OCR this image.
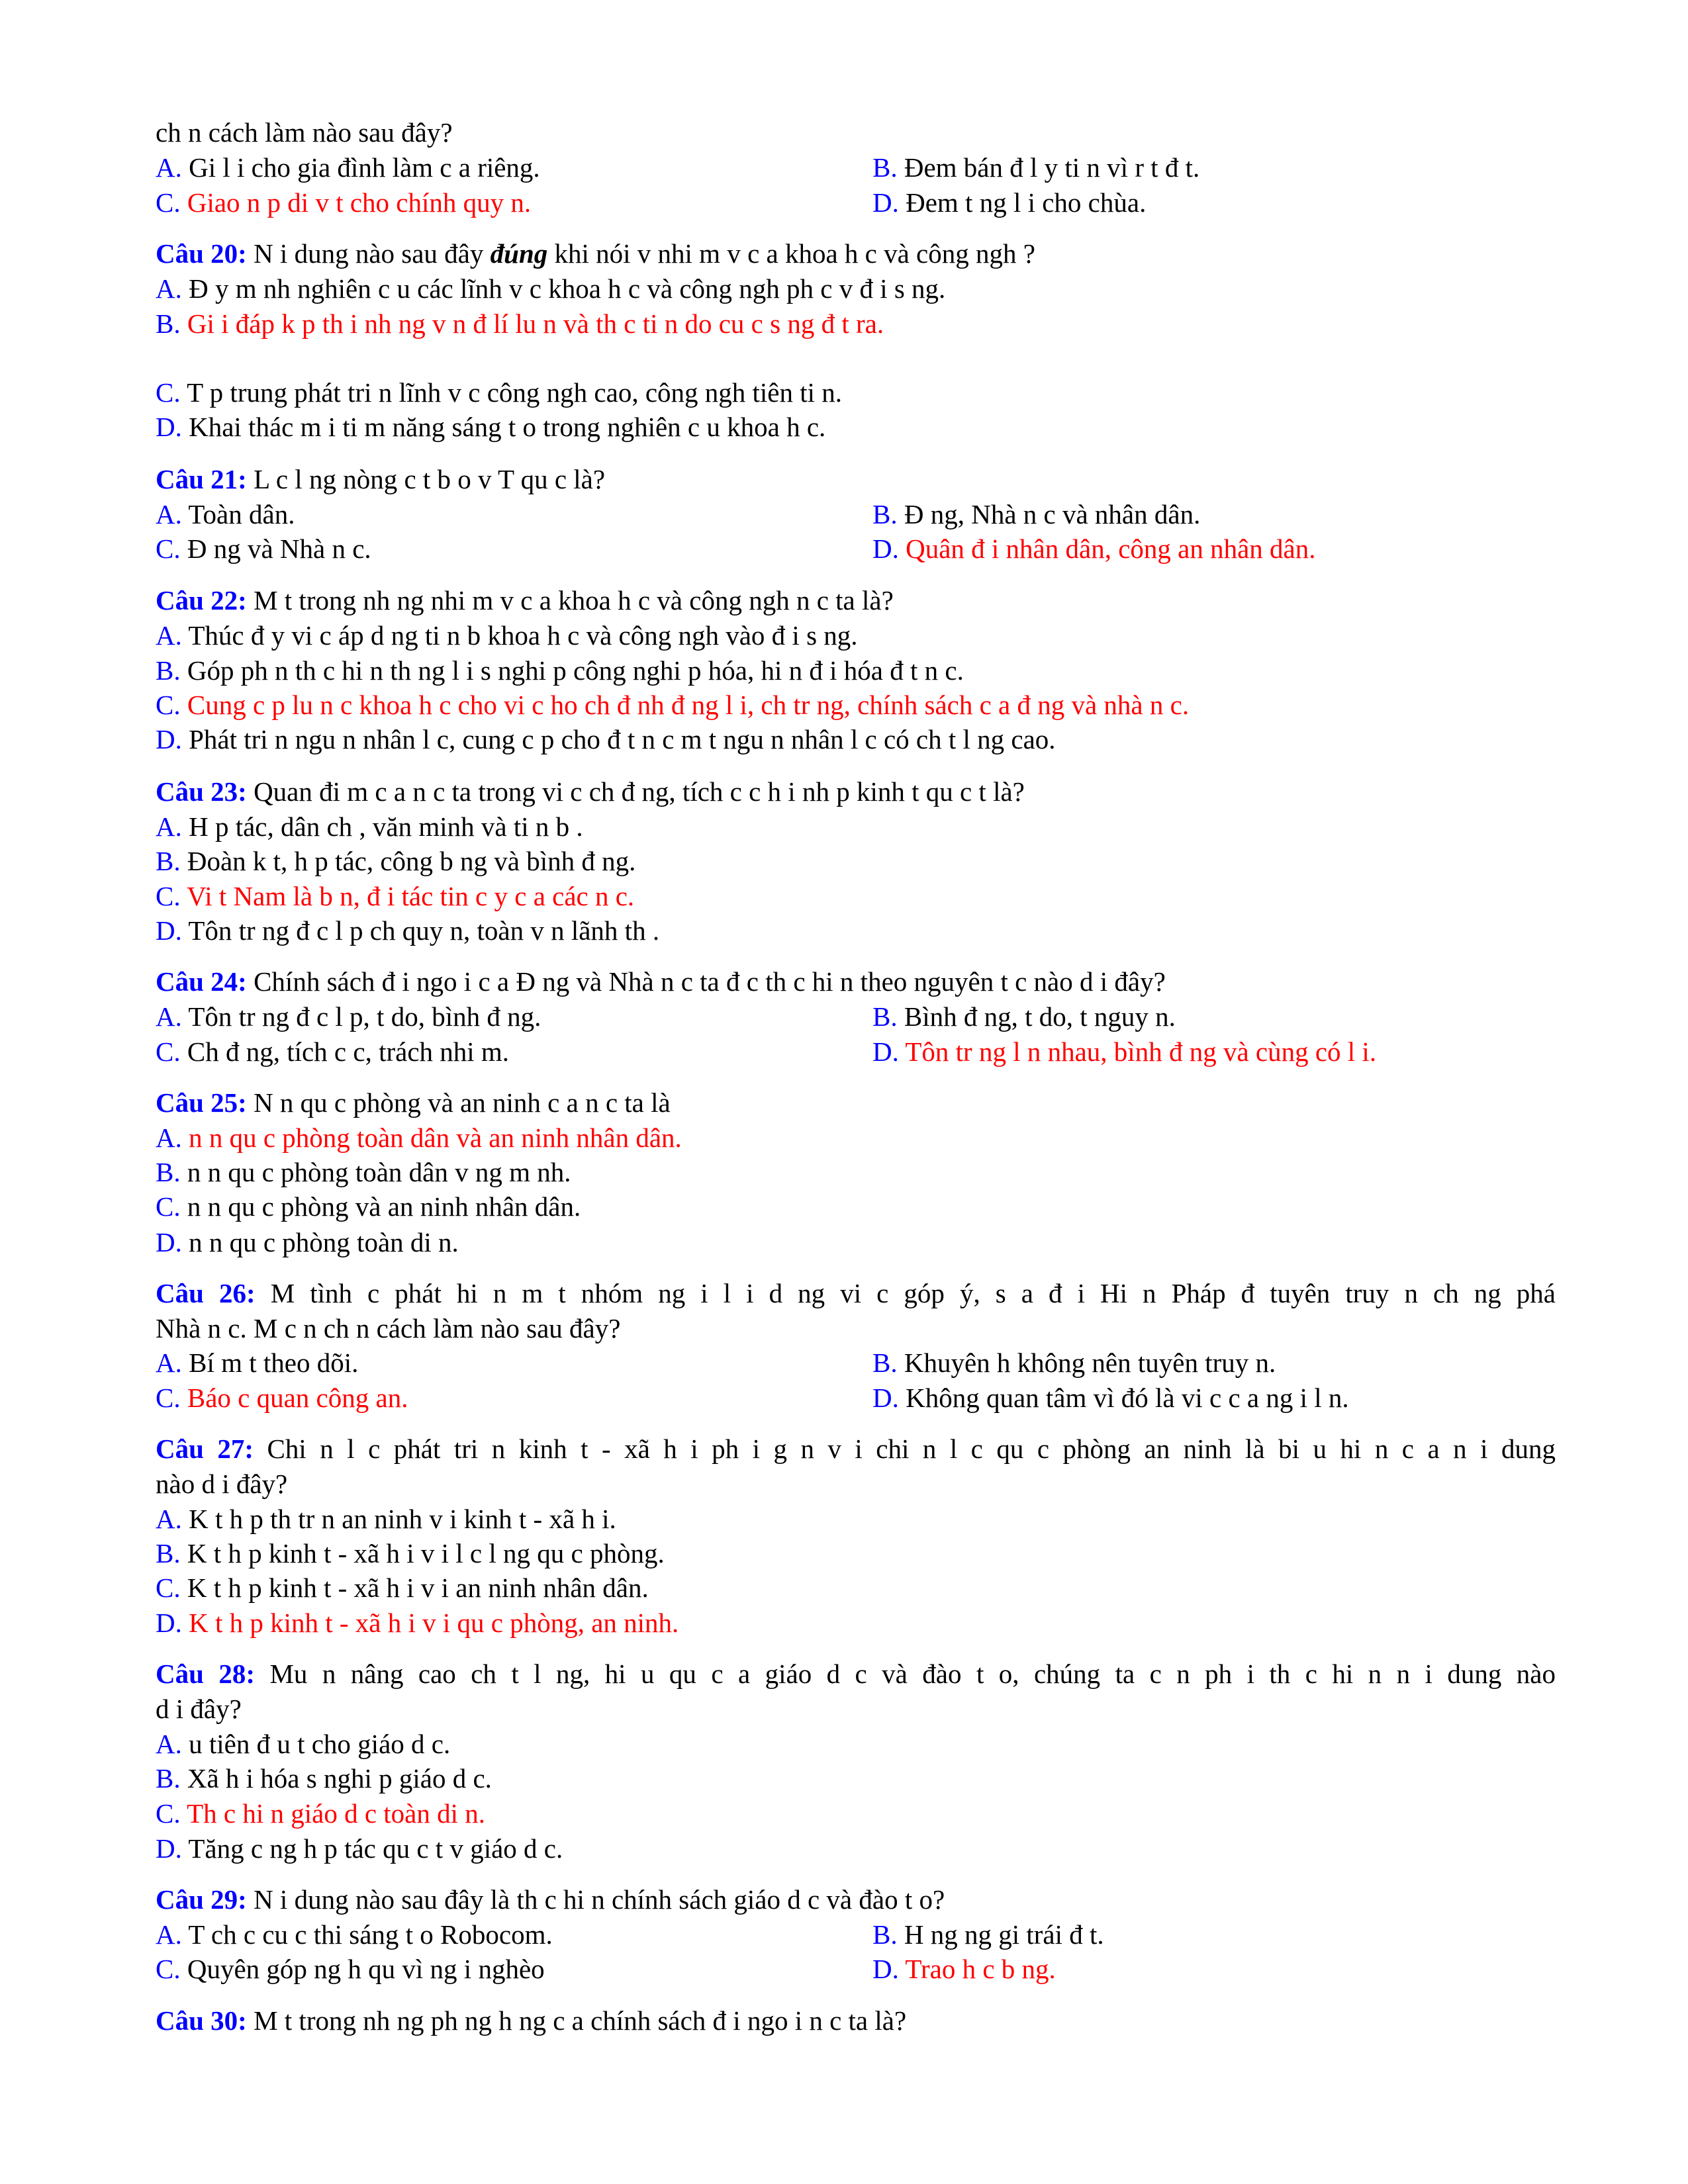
ch n cách làm nào sau đây?
A. Gi l i cho gia đình làm c a riêng.	B. Đem bán đ l y ti n vì r t đ t.
C. Giao n p di v t cho chính quy n.	D. Đem t ng l i cho chùa.
Câu 20: N i dung nào sau đây đúng khi nói v nhi m v c a khoa h c và công ngh ?
A. Đ y m nh nghiên c u các lĩnh v c khoa h c và công ngh ph c v đ i s ng.
B. Gi i đáp k p th i nh ng v n đ lí lu n và th c ti n do cu c s ng đ t ra.
C. T p trung phát tri n lĩnh v c công ngh cao, công ngh tiên ti n.
D. Khai thác m i ti m năng sáng t o trong nghiên c u khoa h c.
Câu 21: L c l ng nòng c t b o v T qu c là?
A. Toàn dân.	B. Đ ng, Nhà n c và nhân dân.
C. Đ ng và Nhà n c.	D. Quân đ i nhân dân, công an nhân dân.
Câu 22: M t trong nh ng nhi m v c a khoa h c và công ngh n c ta là?
A. Thúc đ y vi c áp d ng ti n b khoa h c và công ngh vào đ i s ng.
B. Góp ph n th c hi n th ng l i s nghi p công nghi p hóa, hi n đ i hóa đ t n c.
C. Cung c p lu n c khoa h c cho vi c ho ch đ nh đ ng l i, ch tr ng, chính sách c a đ ng và nhà n c.
D. Phát tri n ngu n nhân l c, cung c p cho đ t n c m t ngu n nhân l c có ch t l ng cao.
Câu 23: Quan đi m c a n c ta trong vi c ch đ ng, tích c c h i nh p kinh t qu c t là?
A. H p tác, dân ch , văn minh và ti n b .
B. Đoàn k t, h p tác, công b ng và bình đ ng.
C. Vi t Nam là b n, đ i tác tin c y c a các n c.
D. Tôn tr ng đ c l p ch quy n, toàn v n lãnh th .
Câu 24: Chính sách đ i ngo i c a Đ ng và Nhà n c ta đ c th c hi n theo nguyên t c nào d i đây?
A. Tôn tr ng đ c l p, t do, bình đ ng.	B. Bình đ ng, t do, t nguy n.
C. Ch đ ng, tích c c, trách nhi m.	D. Tôn tr ng l n nhau, bình đ ng và cùng có l i.
Câu 25: N n qu c phòng và an ninh c a n c ta là
A. n n qu c phòng toàn dân và an ninh nhân dân.
B. n n qu c phòng toàn dân v ng m nh.
C. n n qu c phòng và an ninh nhân dân.
D. n n qu c phòng toàn di n.
Câu 26: M tình c phát hi n m t nhóm ng i l i d ng vi c góp ý, s a đ i Hi n Pháp đ tuyên truy n ch ng phá
Nhà n c. M c n ch n cách làm nào sau đây?
A. Bí m t theo dõi.	B. Khuyên h không nên tuyên truy n.
C. Báo c quan công an.	D. Không quan tâm vì đó là vi c c a ng i l n.
Câu 27: Chi n l c phát tri n kinh t - xã h i ph i g n v i chi n l c qu c phòng an ninh là bi u hi n c a n i dung
nào d i đây?
A. K t h p th tr n an ninh v i kinh t - xã h i.
B. K t h p kinh t - xã h i v i l c l ng qu c phòng.
C. K t h p kinh t - xã h i v i an ninh nhân dân.
D. K t h p kinh t - xã h i v i qu c phòng, an ninh.
Câu 28: Mu n nâng cao ch t l ng, hi u qu c a giáo d c và đào t o, chúng ta c n ph i th c hi n n i dung nào
d i đây?
A. u tiên đ u t cho giáo d c.
B. Xã h i hóa s nghi p giáo d c.
C. Th c hi n giáo d c toàn di n.
D. Tăng c ng h p tác qu c t v giáo d c.
Câu 29: N i dung nào sau đây là th c hi n chính sách giáo d c và đào t o?
A. T ch c cu c thi sáng t o Robocom.	B. H ng ng gi trái đ t.
C. Quyên góp ng h qu vì ng i nghèo	D. Trao h c b ng.
Câu 30: M t trong nh ng ph ng h ng c a chính sách đ i ngo i n c ta là?
